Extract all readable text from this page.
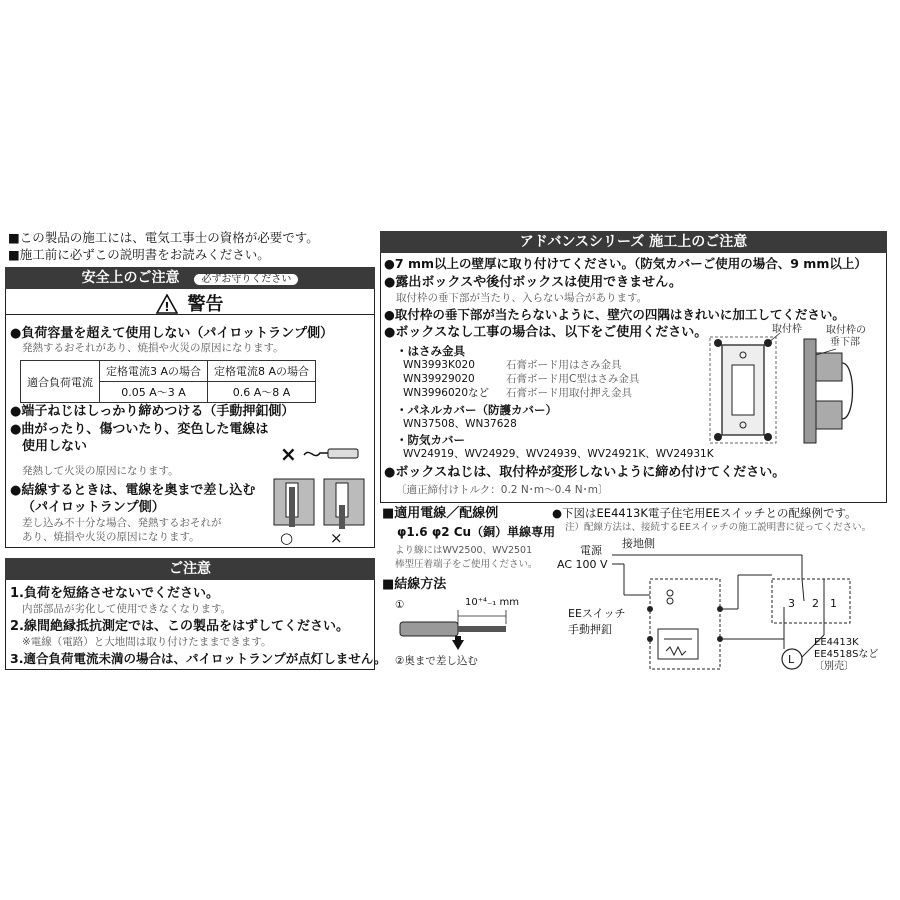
■この製品の施工には、電気工事士の資格が必要です。
■施工前に必ずこの説明書をお読みください。
安全上のご注意 必ずお守りください
! 警告
●負荷容量を超えて使用しない（パイロットランプ側）
発熱するおそれがあり、焼損や火災の原因になります。
適合負荷電流	定格電流3 Aの場合	定格電流8 Aの場合
	0.05 A～3 A	0.6 A～8 A
●端子ねじはしっかり締めつける（手動押釦側）
●曲がったり、傷ついたり、変色した電線は
使用しない
発熱して火災の原因になります。
×
●結線するときは、電線を奥まで差し込む
（パイロットランプ側）
差し込み不十分な場合、発熱するおそれが
あり、焼損や火災の原因になります。	○ ×
ご注意
1.負荷を短絡させないでください。
内部部品が劣化して使用できなくなります。
2.線間絶縁抵抗測定では、この製品をはずしてください。
※電線（電路）と大地間は取り付けたままできます。
3.適合負荷電流未満の場合は、パイロットランプが点灯しません。
アドバンスシリーズ 施工上のご注意
●7 mm以上の壁厚に取り付けてください。（防気カバーご使用の場合、9 mm以上）
●露出ボックスや後付ボックスは使用できません。
取付枠の垂下部が当たり、入らない場合があります。
●取付枠の垂下部が当たらないように、壁穴の四隅はきれいに加工してください。
●ボックスなし工事の場合は、以下をご使用ください。
・はさみ金具
WN3993K020	石膏ボード用はさみ金具
WN39929020	石膏ボード用C型はさみ金具
WN3996020など 石膏ボード用取付押え金具
・パネルカバー（防護カバー）
WN37508、WN37628
・防気カバー
WV24919、WV24929、WV24939、WV24921K、WV24931K
●ボックスねじは、取付枠が変形しないように締め付けてください。
〔適正締付けトルク：0.2 N･m～0.4 N･m〕
取付枠 取付枠の
垂下部
■適用電線／配線例
φ1.6 φ2 Cu（銅）単線専用
より線にはWV2500、WV2501
棒型圧着端子をご使用ください。
■結線方法
①	10⁺⁴₋₁ mm
②奥まで差し込む
●下図はEE4413K電子住宅用EEスイッチとの配線例です。
注）配線方法は、接続するEEスイッチの施工説明書に従ってください。
接地側
電源
AC 100 V
EEスイッチ
手動押釦
3 2 1
L
EE4413K
EE4518Sなど
〔別売〕
